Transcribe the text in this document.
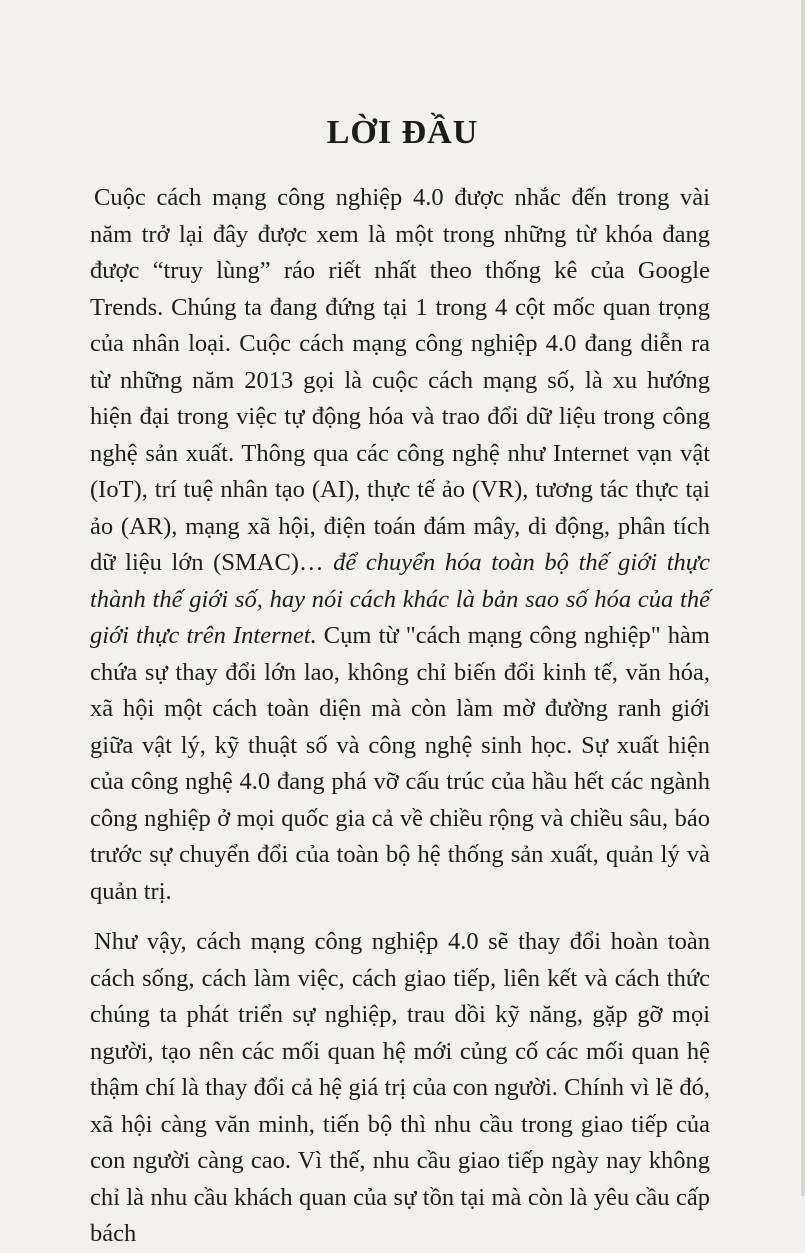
LỜI ĐẦU

Cuộc cách mạng công nghiệp 4.0 được nhắc đến trong vài năm trở lại đây được xem là một trong những từ khóa đang được “truy lùng” ráo riết nhất theo thống kê của Google Trends. Chúng ta đang đứng tại 1 trong 4 cột mốc quan trọng của nhân loại. Cuộc cách mạng công nghiệp 4.0 đang diễn ra từ những năm 2013 gọi là cuộc cách mạng số, là xu hướng hiện đại trong việc tự động hóa và trao đổi dữ liệu trong công nghệ sản xuất. Thông qua các công nghệ như Internet vạn vật (IoT), trí tuệ nhân tạo (AI), thực tế ảo (VR), tương tác thực tại ảo (AR), mạng xã hội, điện toán đám mây, di động, phân tích dữ liệu lớn (SMAC)… để chuyển hóa toàn bộ thế giới thực thành thế giới số, hay nói cách khác là bản sao số hóa của thế giới thực trên Internet. Cụm từ "cách mạng công nghiệp" hàm chứa sự thay đổi lớn lao, không chỉ biến đổi kinh tế, văn hóa, xã hội một cách toàn diện mà còn làm mờ đường ranh giới giữa vật lý, kỹ thuật số và công nghệ sinh học. Sự xuất hiện của công nghệ 4.0 đang phá vỡ cấu trúc của hầu hết các ngành công nghiệp ở mọi quốc gia cả về chiều rộng và chiều sâu, báo trước sự chuyển đổi của toàn bộ hệ thống sản xuất, quản lý và quản trị.

Như vậy, cách mạng công nghiệp 4.0 sẽ thay đổi hoàn toàn cách sống, cách làm việc, cách giao tiếp, liên kết và cách thức chúng ta phát triển sự nghiệp, trau dồi kỹ năng, gặp gỡ mọi người, tạo nên các mối quan hệ mới củng cố các mối quan hệ thậm chí là thay đổi cả hệ giá trị của con người. Chính vì lẽ đó, xã hội càng văn minh, tiến bộ thì nhu cầu trong giao tiếp của con người càng cao. Vì thế, nhu cầu giao tiếp ngày nay không chỉ là nhu cầu khách quan của sự tồn tại mà còn là yêu cầu cấp bách
